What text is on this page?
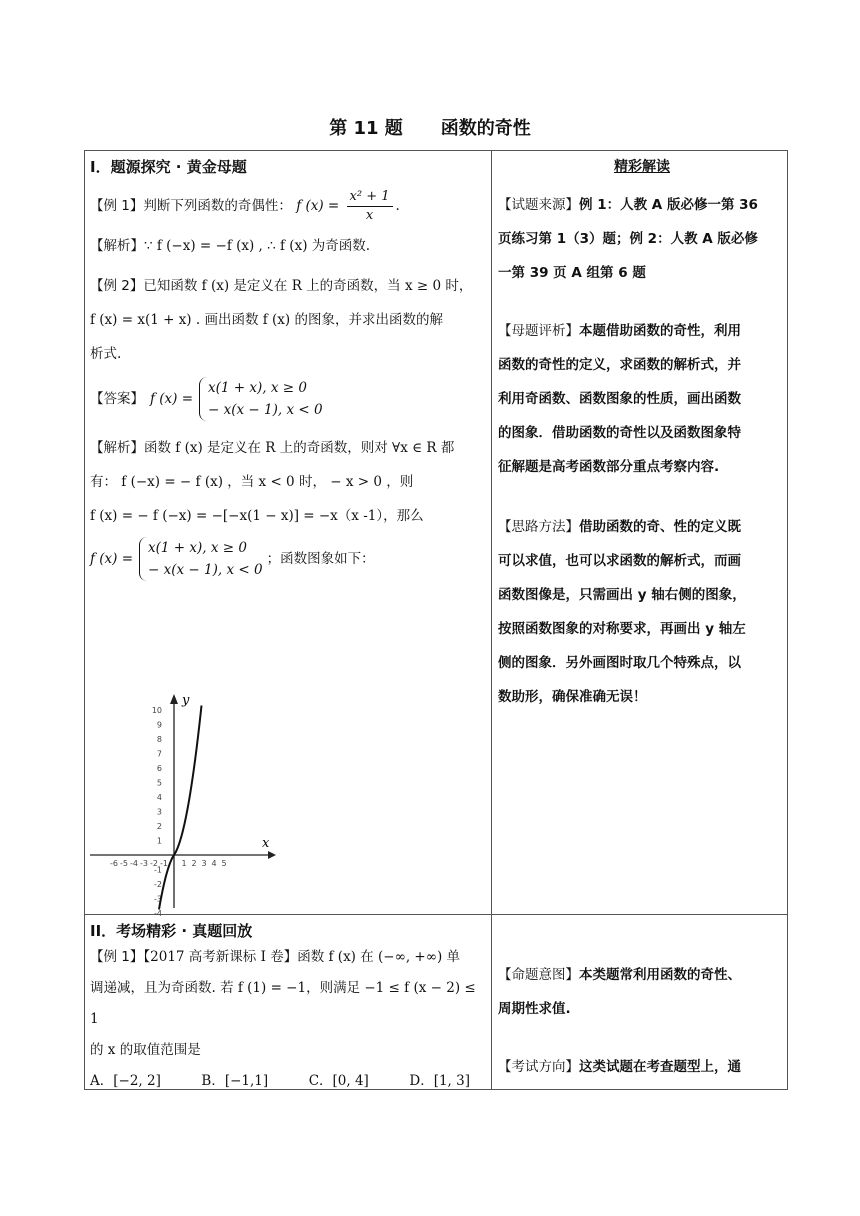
第 11 题 函数的奇性
I．题源探究 · 黄金母题
【例 1】判断下列函数的奇偶性： f $(x) = \frac{\text{x² + 1}}{x}$ .
【解析】∵ f (−x) = −f (x) , ∴ f (x) 为奇函数.
【例 2】已知函数 f (x) 是定义在 R 上的奇函数，当 x ≥ 0 时，
f (x) = x(1 + x) . 画出函数 f (x) 的图象，并求出函数的解
析式.
【答案】 f (x) =
x(1 + x), x ≥ 0
− x(x − 1), x < 0
【解析】函数 f (x) 是定义在 R 上的奇函数，则对 ∀x ∈ R 都
有： f (−x) = − f (x) ，当 x < 0 时， − x > 0 ，则
f (x) = − f (−x) = −[−x(1 − x)] = −x（x -1），那么
f (x) =
x(1 + x), x ≥ 0
− x(x − 1), x < 0
；函数图象如下：
y
x
10
9
8
7
6
5
4
3
2
1
-1
-2
-3
-4
-6 -5 -4 -3 -2 -1 1 2 3 4 5
精彩解读
【试题来源】例 1：人教 A 版必修一第 36
页练习第 1（3）题；例 2：人教 A 版必修
一第 39 页 A 组第 6 题
【母题评析】本题借助函数的奇性，利用
函数的奇性的定义，求函数的解析式，并
利用奇函数、函数图象的性质，画出函数
的图象．借助函数的奇性以及函数图象特
征解题是高考函数部分重点考察内容.
【思路方法】借助函数的奇、性的定义既
可以求值，也可以求函数的解析式，而画
函数图像是，只需画出 y 轴右侧的图象，
按照函数图象的对称要求，再画出 y 轴左
侧的图象．另外画图时取几个特殊点，以
数助形，确保准确无误！
II．考场精彩 · 真题回放
【例 1】【2017 高考新课标 I 卷】函数 f (x) 在 (−∞, +∞) 单
调递减，且为奇函数. 若 f (1) = −1，则满足 −1 ≤ f (x − 2) ≤ 1
的 x 的取值范围是
A．[−2, 2]	B．[−1,1]	C．[0, 4]	D．[1, 3]
【命题意图】本类题常利用函数的奇性、
周期性求值.
【考试方向】这类试题在考查题型上，通
